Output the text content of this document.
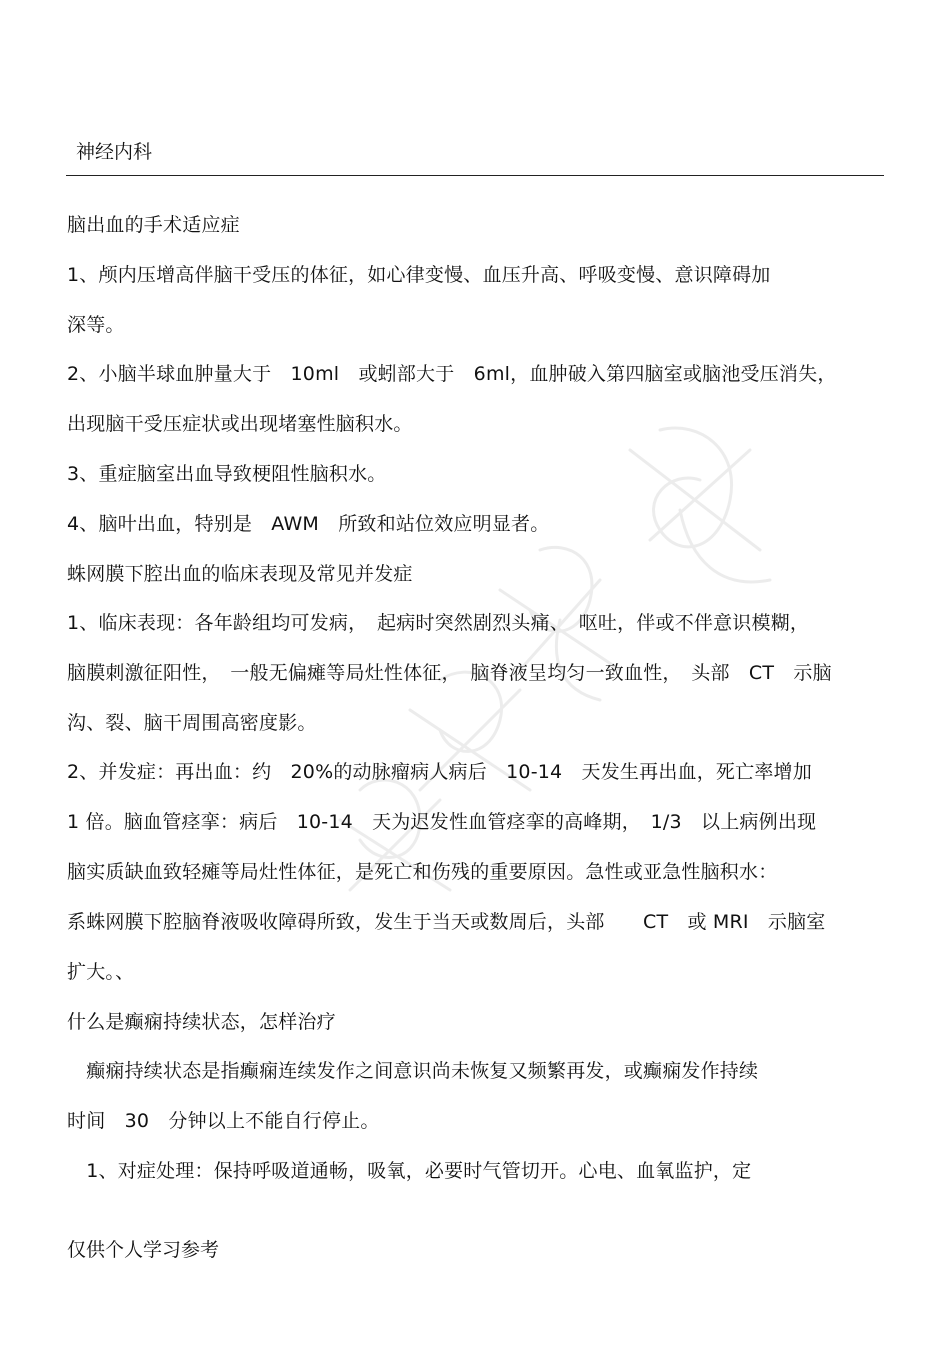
神经内科
脑出血的手术适应症
1、颅内压增高伴脑干受压的体征，如心律变慢、血压升高、呼吸变慢、意识障碍加
深等。
2、小脑半球血肿量大于　10ml　或蚓部大于　6ml，血肿破入第四脑室或脑池受压消失，
出现脑干受压症状或出现堵塞性脑积水。
3、重症脑室出血导致梗阻性脑积水。
4、脑叶出血，特别是　AWM　所致和站位效应明显者。
蛛网膜下腔出血的临床表现及常见并发症
1、临床表现：各年龄组均可发病，　起病时突然剧烈头痛、　呕吐，伴或不伴意识模糊，
脑膜刺激征阳性，　一般无偏瘫等局灶性体征，　脑脊液呈均匀一致血性，　头部　CT　示脑
沟、裂、脑干周围高密度影。
2、并发症：再出血：约　20%的动脉瘤病人病后　10-14　天发生再出血，死亡率增加
1 倍。脑血管痉挛：病后　10-14　天为迟发性血管痉挛的高峰期，　1/3　以上病例出现
脑实质缺血致轻瘫等局灶性体征，是死亡和伤残的重要原因。急性或亚急性脑积水：
系蛛网膜下腔脑脊液吸收障碍所致，发生于当天或数周后，头部　　CT　或 MRI　示脑室
扩大。、
什么是癫痫持续状态，怎样治疗
　癫痫持续状态是指癫痫连续发作之间意识尚未恢复又频繁再发，或癫痫发作持续
时间　30　分钟以上不能自行停止。
　1、对症处理：保持呼吸道通畅，吸氧，必要时气管切开。心电、血氧监护，定
仅供个人学习参考
